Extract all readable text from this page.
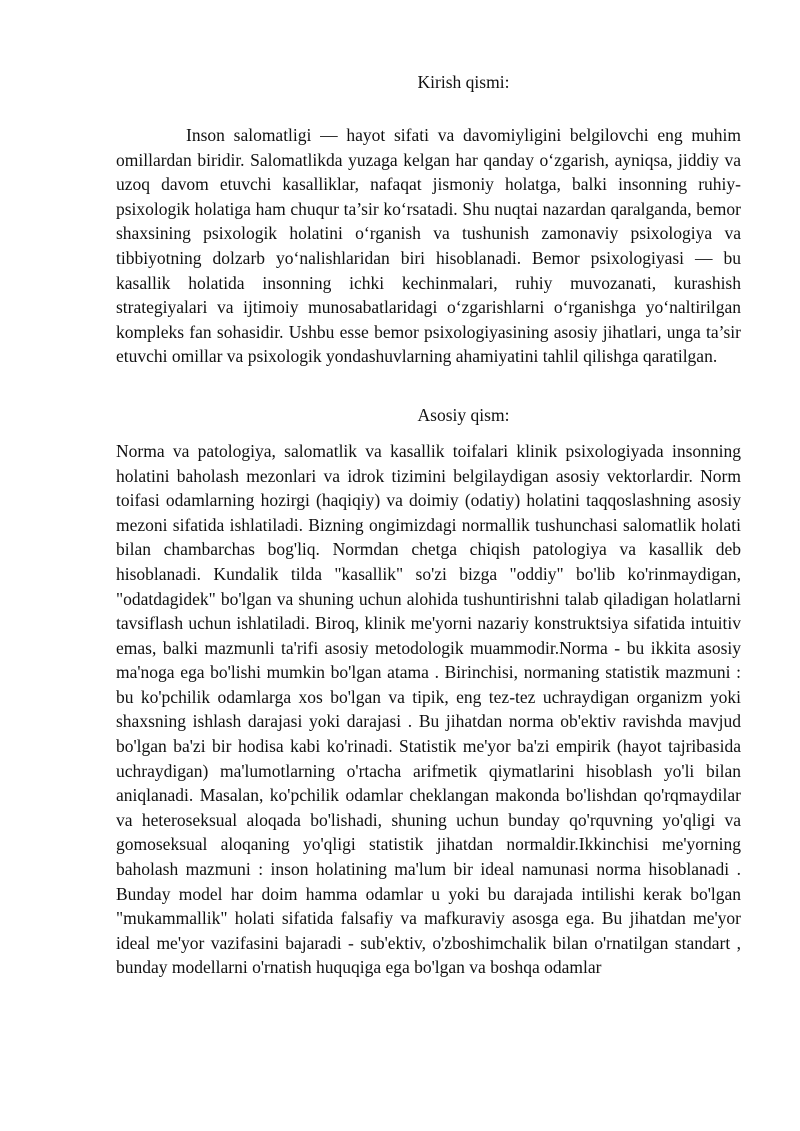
Kirish qismi:

Inson salomatligi — hayot sifati va davomiyligini belgilovchi eng muhim omillardan biridir. Salomatlikda yuzaga kelgan har qanday o‘zgarish, ayniqsa, jiddiy va uzoq davom etuvchi kasalliklar, nafaqat jismoniy holatga, balki insonning ruhiy-psixologik holatiga ham chuqur ta’sir ko‘rsatadi. Shu nuqtai nazardan qaralganda, bemor shaxsining psixologik holatini o‘rganish va tushunish zamonaviy psixologiya va tibbiyotning dolzarb yo‘nalishlaridan biri hisoblanadi. Bemor psixologiyasi — bu kasallik holatida insonning ichki kechinmalari, ruhiy muvozanati, kurashish strategiyalari va ijtimoiy munosabatlaridagi o‘zgarishlarni o‘rganishga yo‘naltirilgan kompleks fan sohasidir. Ushbu esse bemor psixologiyasining asosiy jihatlari, unga ta’sir etuvchi omillar va psixologik yondashuvlarning ahamiyatini tahlil qilishga qaratilgan.

Asosiy qism:

Norma va patologiya, salomatlik va kasallik toifalari klinik psixologiyada insonning holatini baholash mezonlari va idrok tizimini belgilaydigan asosiy vektorlardir. Norm toifasi odamlarning hozirgi (haqiqiy) va doimiy (odatiy) holatini taqqoslashning asosiy mezoni sifatida ishlatiladi. Bizning ongimizdagi normallik tushunchasi salomatlik holati bilan chambarchas bog'liq. Normdan chetga chiqish patologiya va kasallik deb hisoblanadi. Kundalik tilda "kasallik" so'zi bizga "oddiy" bo'lib ko'rinmaydigan, "odatdagidek" bo'lgan va shuning uchun alohida tushuntirishni talab qiladigan holatlarni tavsiflash uchun ishlatiladi. Biroq, klinik me'yorni nazariy konstruktsiya sifatida intuitiv emas, balki mazmunli ta'rifi asosiy metodologik muammodir.Norma - bu ikkita asosiy ma'noga ega bo'lishi mumkin bo'lgan atama . Birinchisi, normaning statistik mazmuni : bu ko'pchilik odamlarga xos bo'lgan va tipik, eng tez-tez uchraydigan organizm yoki shaxsning ishlash darajasi yoki darajasi . Bu jihatdan norma ob'ektiv ravishda mavjud bo'lgan ba'zi bir hodisa kabi ko'rinadi. Statistik me'yor ba'zi empirik (hayot tajribasida uchraydigan) ma'lumotlarning o'rtacha arifmetik qiymatlarini hisoblash yo'li bilan aniqlanadi. Masalan, ko'pchilik odamlar cheklangan makonda bo'lishdan qo'rqmaydilar va heteroseksual aloqada bo'lishadi, shuning uchun bunday qo'rquvning yo'qligi va gomoseksual aloqaning yo'qligi statistik jihatdan normaldir.Ikkinchisi me'yorning baholash mazmuni : inson holatining ma'lum bir ideal namunasi norma hisoblanadi . Bunday model har doim hamma odamlar u yoki bu darajada intilishi kerak bo'lgan "mukammallik" holati sifatida falsafiy va mafkuraviy asosga ega. Bu jihatdan me'yor ideal me'yor vazifasini bajaradi - sub'ektiv, o'zboshimchalik bilan o'rnatilgan standart , bunday modellarni o'rnatish huquqiga ega bo'lgan va boshqa odamlar
